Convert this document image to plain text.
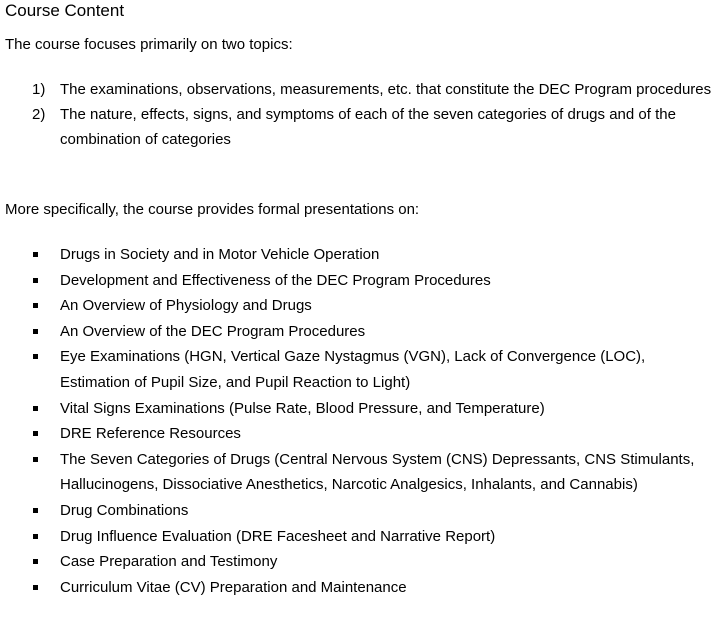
Course Content
The course focuses primarily on two topics:
1) The examinations, observations, measurements, etc. that constitute the DEC Program procedures
2) The nature, effects, signs, and symptoms of each of the seven categories of drugs and of the combination of categories
More specifically, the course provides formal presentations on:
Drugs in Society and in Motor Vehicle Operation
Development and Effectiveness of the DEC Program Procedures
An Overview of Physiology and Drugs
An Overview of the DEC Program Procedures
Eye Examinations (HGN, Vertical Gaze Nystagmus (VGN), Lack of Convergence (LOC), Estimation of Pupil Size, and Pupil Reaction to Light)
Vital Signs Examinations (Pulse Rate, Blood Pressure, and Temperature)
DRE Reference Resources
The Seven Categories of Drugs (Central Nervous System (CNS) Depressants, CNS Stimulants, Hallucinogens, Dissociative Anesthetics, Narcotic Analgesics, Inhalants, and Cannabis)
Drug Combinations
Drug Influence Evaluation (DRE Facesheet and Narrative Report)
Case Preparation and Testimony
Curriculum Vitae (CV) Preparation and Maintenance
